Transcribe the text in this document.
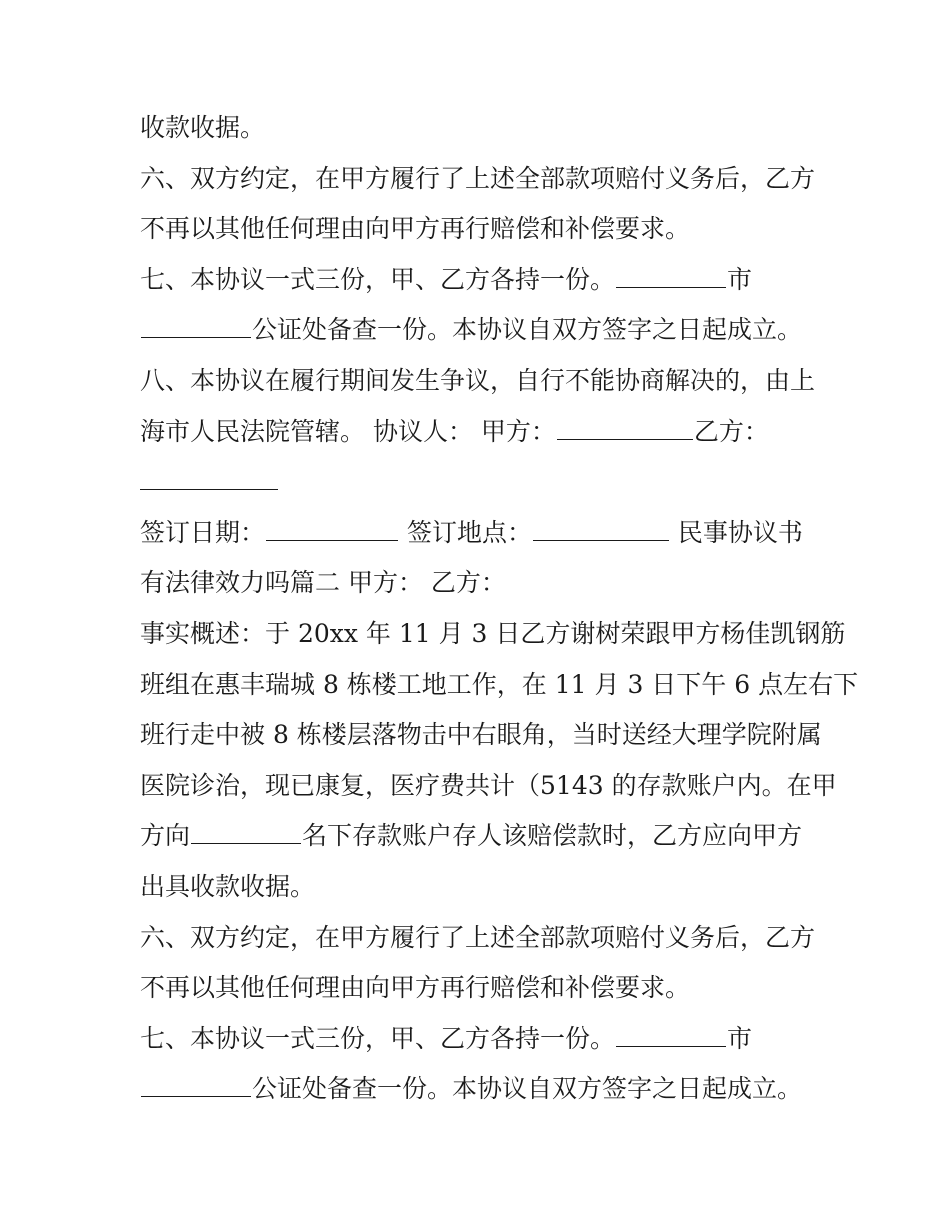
收款收据。
六、双方约定，在甲方履行了上述全部款项赔付义务后，乙方
不再以其他任何理由向甲方再行赔偿和补偿要求。
七、本协议一式三份，甲、乙方各持一份。	市
公证处备查一份。本协议自双方签字之日起成立。
八、本协议在履行期间发生争议，自行不能协商解决的，由上
海市人民法院管辖。 协议人： 甲方：	乙方：
签订日期：	签订地点：	民事协议书
有法律效力吗篇二 甲方： 乙方：
事实概述：于 20xx 年 11 月 3 日乙方谢树荣跟甲方杨佳凯钢筋
班组在惠丰瑞城 8 栋楼工地工作，在 11 月 3 日下午 6 点左右下
班行走中被 8 栋楼层落物击中右眼角，当时送经大理学院附属
医院诊治，现已康复，医疗费共计（5143 的存款账户内。在甲
方向	名下存款账户存人该赔偿款时，乙方应向甲方
出具收款收据。
六、双方约定，在甲方履行了上述全部款项赔付义务后，乙方
不再以其他任何理由向甲方再行赔偿和补偿要求。
七、本协议一式三份，甲、乙方各持一份。	市
公证处备查一份。本协议自双方签字之日起成立。
